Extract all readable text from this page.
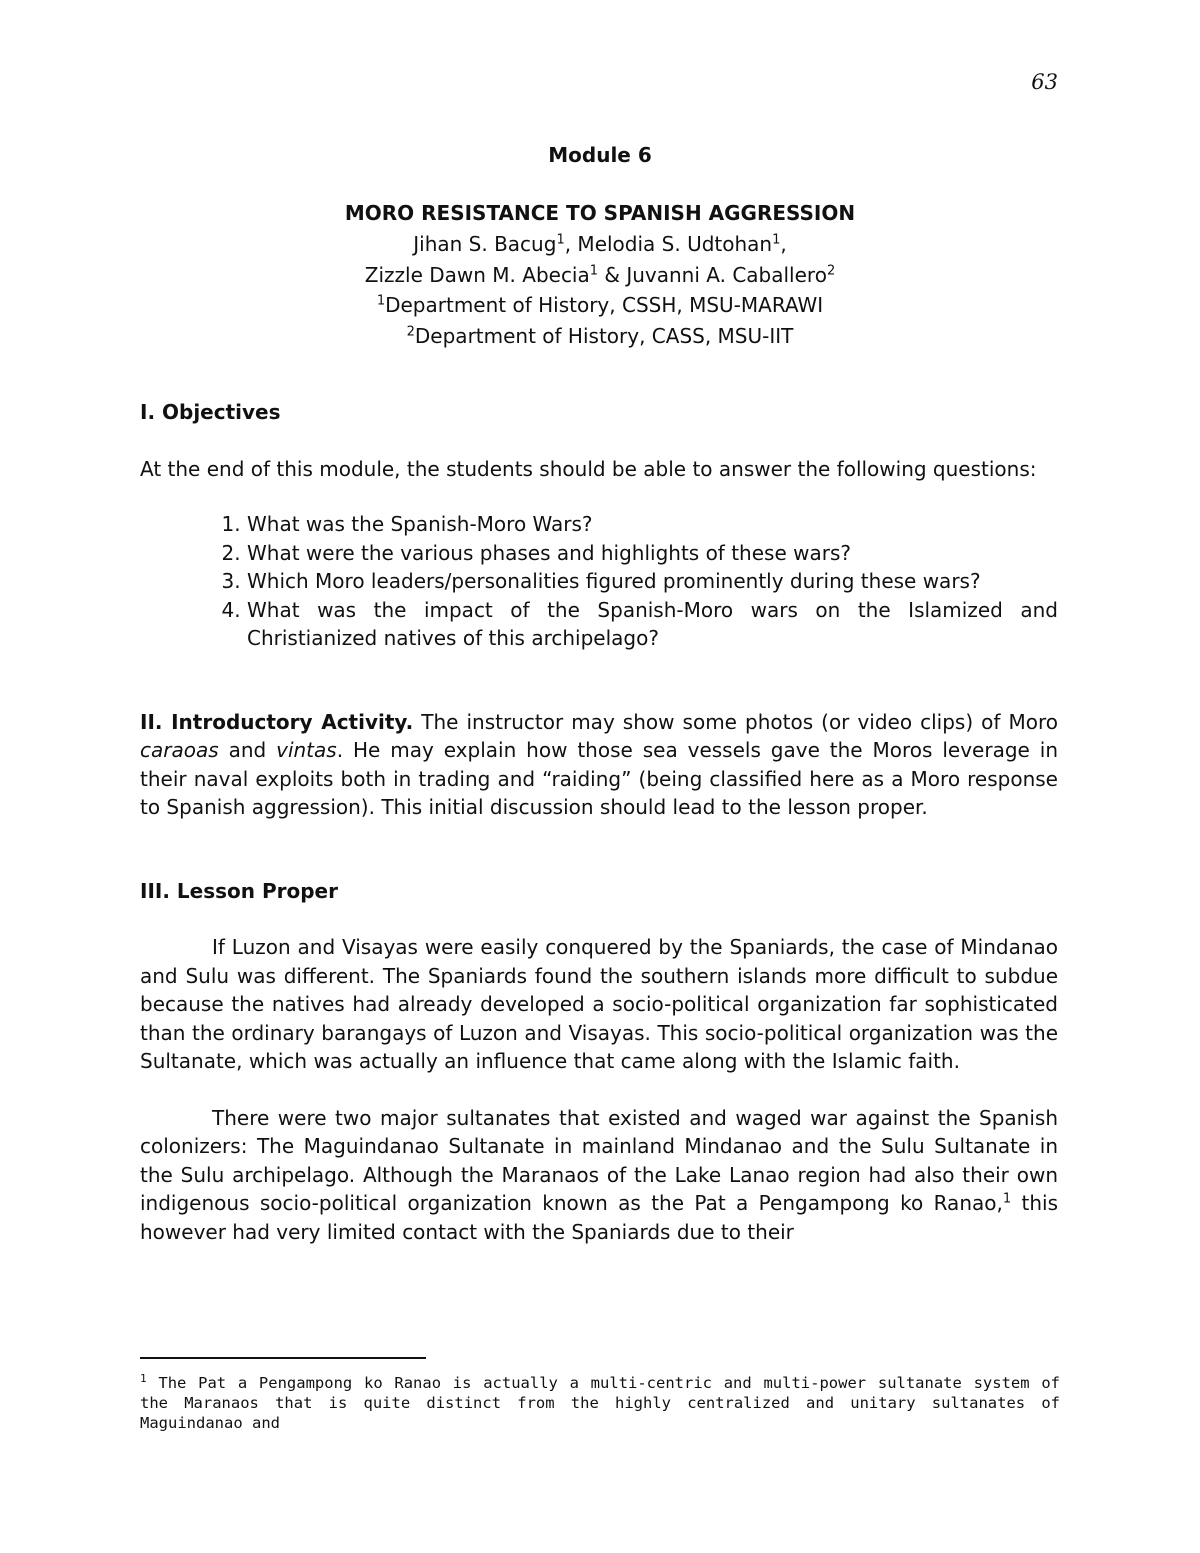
63
Module 6
MORO RESISTANCE TO SPANISH AGGRESSION
Jihan S. Bacug$^1$, Melodia S. Udtohan$^1$,
Zizzle Dawn M. Abecia$^1$ & Juvanni A. Caballero$^2$
$^1$Department of History, CSSH, MSU-MARAWI
$^2$Department of History, CASS, MSU-IIT
I. Objectives

At the end of this module, the students should be able to answer the following questions:

1. What was the Spanish-Moro Wars?
2. What were the various phases and highlights of these wars?
3. Which Moro leaders/personalities figured prominently during these wars?
4. What was the impact of the Spanish-Moro wars on the Islamized and Christianized natives of this archipelago?

II. Introductory Activity. The instructor may show some photos (or video clips) of Moro caraoas and vintas. He may explain how those sea vessels gave the Moros leverage in their naval exploits both in trading and “raiding” (being classified here as a Moro response to Spanish aggression). This initial discussion should lead to the lesson proper.

III. Lesson Proper

If Luzon and Visayas were easily conquered by the Spaniards, the case of Mindanao and Sulu was different. The Spaniards found the southern islands more difficult to subdue because the natives had already developed a socio-political organization far sophisticated than the ordinary barangays of Luzon and Visayas. This socio-political organization was the Sultanate, which was actually an influence that came along with the Islamic faith.

There were two major sultanates that existed and waged war against the Spanish colonizers: The Maguindanao Sultanate in mainland Mindanao and the Sulu Sultanate in the Sulu archipelago. Although the Maranaos of the Lake Lanao region had also their own indigenous socio-political organization known as the Pat a Pengampong ko Ranao,$^1$ this however had very limited contact with the Spaniards due to their

$^1$ The Pat a Pengampong ko Ranao is actually a multi-centric and multi-power sultanate system of the Maranaos that is quite distinct from the highly centralized and unitary sultanates of Maguindanao and
